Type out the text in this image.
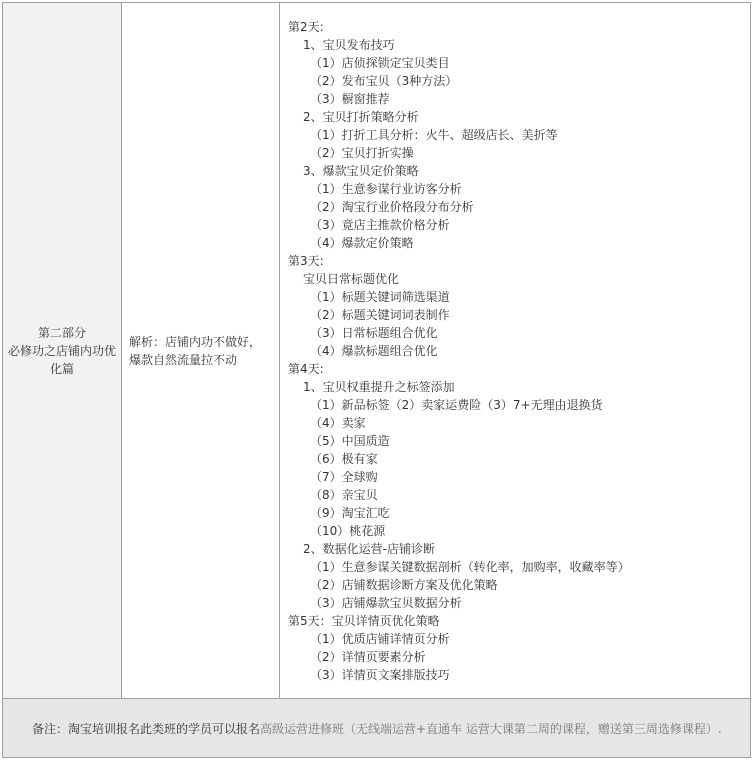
第二部分
必修功之店铺内功优
化篇
解析：店铺内功不做好，
爆款自然流量拉不动
第2天:
1、宝贝发布技巧
（1）店侦探锁定宝贝类目
（2）发布宝贝（3种方法）
（3）橱窗推荐
2、宝贝打折策略分析
（1）打折工具分析：火牛、超级店长、美折等
（2）宝贝打折实操
3、爆款宝贝定价策略
（1）生意参谋行业访客分析
（2）淘宝行业价格段分布分析
（3）竟店主推款价格分析
（4）爆款定价策略
第3天:
宝贝日常标题优化
（1）标题关键词筛选渠道
（2）标题关键词词表制作
（3）日常标题组合优化
（4）爆款标题组合优化
第4天:
1、宝贝权重提升之标签添加
（1）新品标签（2）卖家运费险（3）7+无理由退换货
（4）卖家
（5）中国质造
（6）极有家
（7）全球购
（8）亲宝贝
（9）淘宝汇吃
（10）桃花源
2、数据化运营-店铺诊断
（1）生意参谋关键数据剖析（转化率，加购率，收藏率等）
（2）店铺数据诊断方案及优化策略
（3）店铺爆款宝贝数据分析
第5天：宝贝详情页优化策略
（1）优质店铺详情页分析
（2）详情页要素分析
（3）详情页文案排版技巧
备注：淘宝培训报名此类班的学员可以报名 高级运营进修班（无线端运营+直通车 运营大课第二周的课程，赠送第三周选修课程）.
